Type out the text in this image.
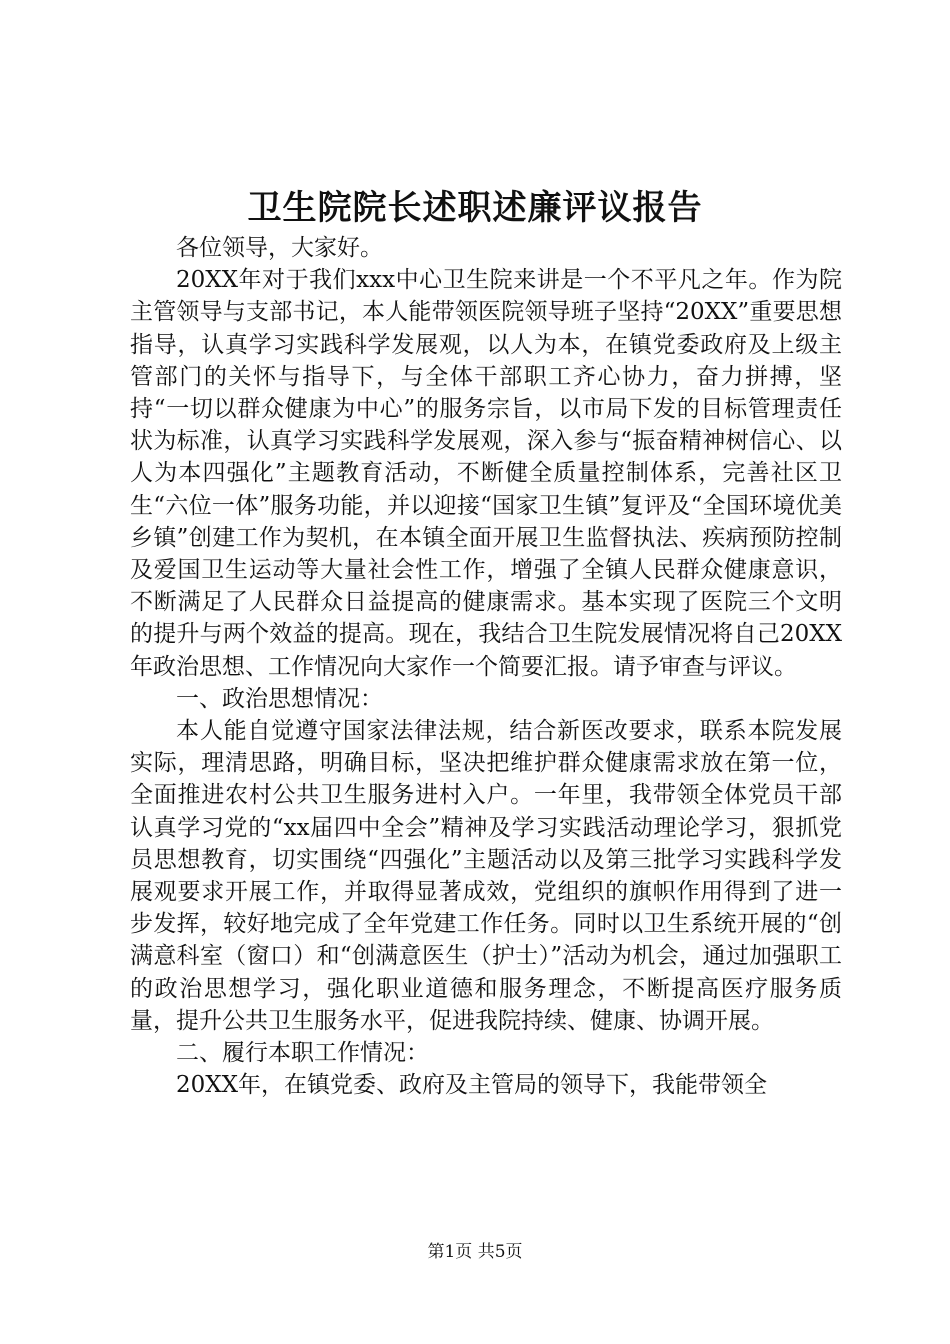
卫生院院长述职述廉评议报告

各位领导，大家好。

20XX年对于我们xxx中心卫生院来讲是一个不平凡之年。作为院主管领导与支部书记，本人能带领医院领导班子坚持“20XX”重要思想指导，认真学习实践科学发展观，以人为本，在镇党委政府及上级主管部门的关怀与指导下，与全体干部职工齐心协力，奋力拼搏，坚持“一切以群众健康为中心”的服务宗旨，以市局下发的目标管理责任状为标准，认真学习实践科学发展观，深入参与“振奋精神树信心、以人为本四强化”主题教育活动，不断健全质量控制体系，完善社区卫生“六位一体”服务功能，并以迎接“国家卫生镇”复评及“全国环境优美乡镇”创建工作为契机，在本镇全面开展卫生监督执法、疾病预防控制及爱国卫生运动等大量社会性工作，增强了全镇人民群众健康意识，不断满足了人民群众日益提高的健康需求。基本实现了医院三个文明的提升与两个效益的提高。现在，我结合卫生院发展情况将自己20XX年政治思想、工作情况向大家作一个简要汇报。请予审查与评议。

一、政治思想情况：

本人能自觉遵守国家法律法规，结合新医改要求，联系本院发展实际，理清思路，明确目标，坚决把维护群众健康需求放在第一位，全面推进农村公共卫生服务进村入户。一年里，我带领全体党员干部认真学习党的“xx届四中全会”精神及学习实践活动理论学习，狠抓党员思想教育，切实围绕“四强化”主题活动以及第三批学习实践科学发展观要求开展工作，并取得显著成效，党组织的旗帜作用得到了进一步发挥，较好地完成了全年党建工作任务。同时以卫生系统开展的“创满意科室（窗口）和“创满意医生（护士）”活动为机会，通过加强职工的政治思想学习，强化职业道德和服务理念，不断提高医疗服务质量，提升公共卫生服务水平，促进我院持续、健康、协调开展。

二、履行本职工作情况：

20XX年，在镇党委、政府及主管局的领导下，我能带领全

第1页 共5页
